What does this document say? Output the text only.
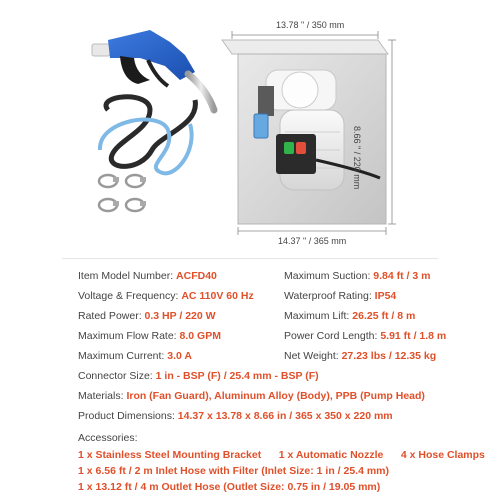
13.78 " / 350 mm
8.66 " / 220 mm
14.37 " / 365 mm
Item Model Number: ACFD40
Voltage & Frequency: AC 110V 60 Hz
Rated Power: 0.3 HP / 220 W
Maximum Flow Rate: 8.0 GPM
Maximum Current: 3.0 A
Maximum Suction: 9.84 ft / 3 m
Waterproof Rating: IP54
Maximum Lift: 26.25 ft / 8 m
Power Cord Length: 5.91 ft / 1.8 m
Net Weight: 27.23 lbs / 12.35 kg
Connector Size: 1 in - BSP (F) / 25.4 mm - BSP (F)
Materials: Iron (Fan Guard), Aluminum Alloy (Body), PPB (Pump Head)
Product Dimensions: 14.37 x 13.78 x 8.66 in / 365 x 350 x 220 mm
Accessories:
1 x Stainless Steel Mounting Bracket      1 x Automatic Nozzle      4 x Hose Clamps
1 x 6.56 ft / 2 m Inlet Hose with Filter (Inlet Size: 1 in / 25.4 mm)
1 x 13.12 ft / 4 m Outlet Hose (Outlet Size: 0.75 in / 19.05 mm)
